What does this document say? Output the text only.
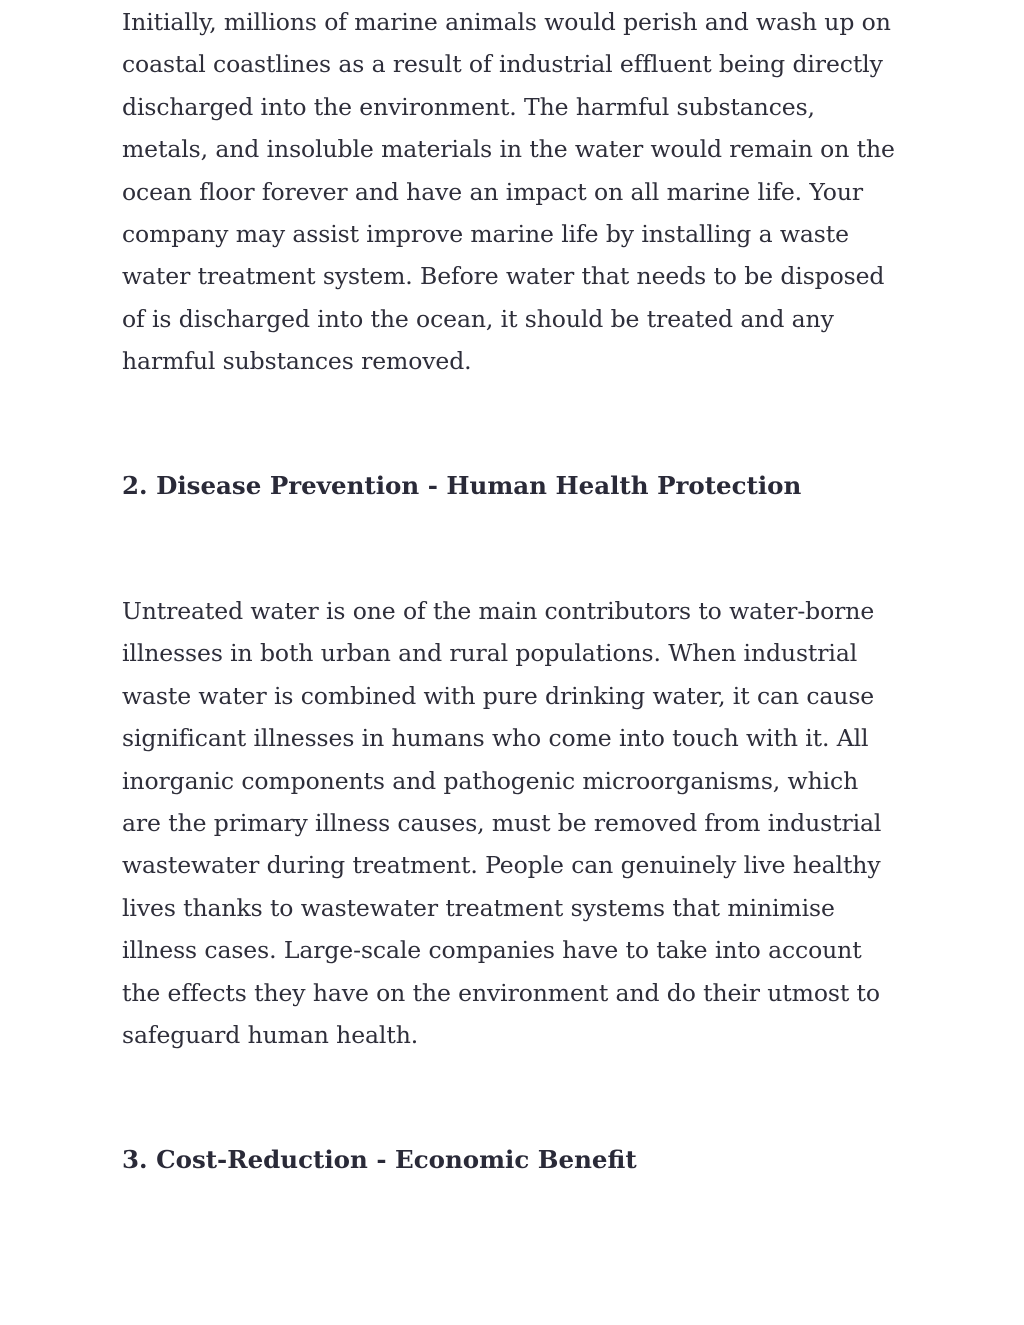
Initially, millions of marine animals would perish and wash up on coastal coastlines as a result of industrial effluent being directly discharged into the environment. The harmful substances, metals, and insoluble materials in the water would remain on the ocean floor forever and have an impact on all marine life. Your company may assist improve marine life by installing a waste water treatment system. Before water that needs to be disposed of is discharged into the ocean, it should be treated and any harmful substances removed.

2. Disease Prevention - Human Health Protection

Untreated water is one of the main contributors to water-borne illnesses in both urban and rural populations. When industrial waste water is combined with pure drinking water, it can cause significant illnesses in humans who come into touch with it. All inorganic components and pathogenic microorganisms, which are the primary illness causes, must be removed from industrial wastewater during treatment. People can genuinely live healthy lives thanks to wastewater treatment systems that minimise illness cases. Large-scale companies have to take into account the effects they have on the environment and do their utmost to safeguard human health.

3. Cost-Reduction - Economic Benefit
